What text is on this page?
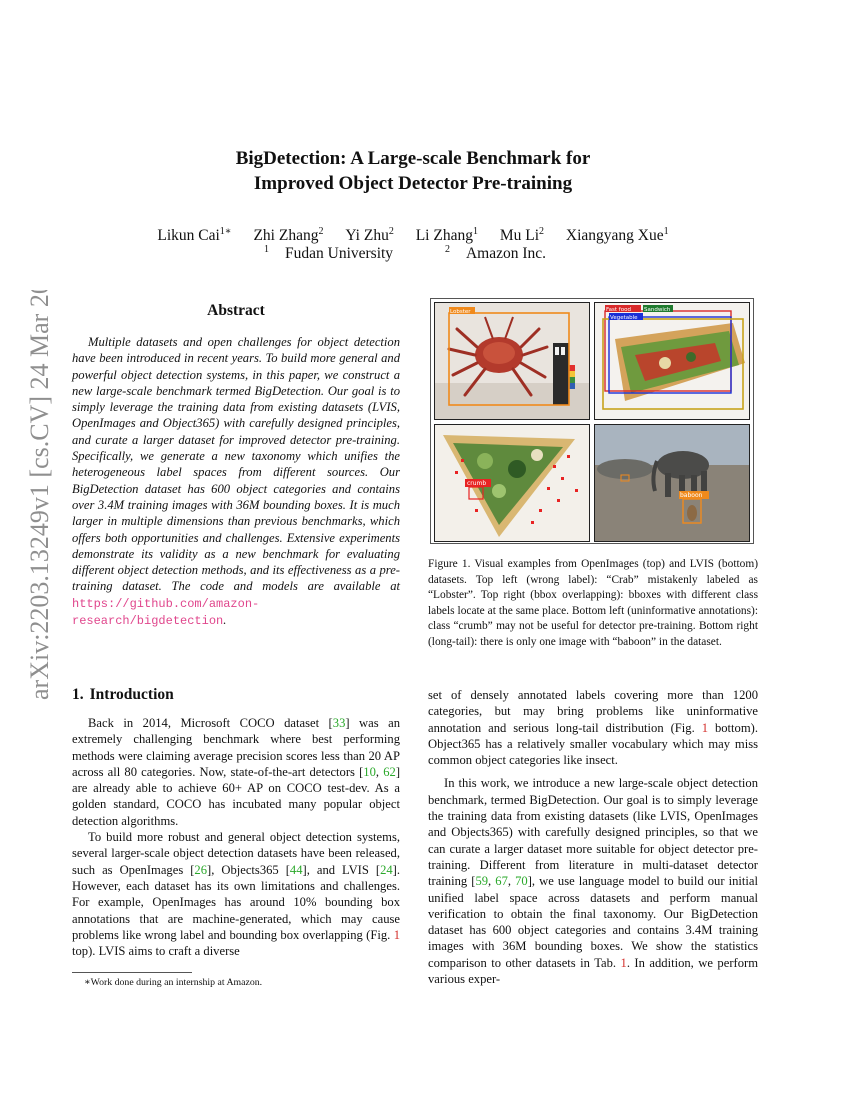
arXiv:2203.13249v1 [cs.CV] 24 Mar 2022
BigDetection: A Large-scale Benchmark for
Improved Object Detector Pre-training
Likun Cai$^{1∗}$ Zhi Zhang$^2$ Yi Zhu$^2$ Li Zhang$^1$ Mu Li$^2$ Xiangyang Xue$^1$
$^1$ Fudan University	$^2$ Amazon Inc.
Abstract

Multiple datasets and open challenges for object detection have been introduced in recent years. To build more general and powerful object detection systems, in this paper, we construct a new large-scale benchmark termed BigDetection. Our goal is to simply leverage the training data from existing datasets (LVIS, OpenImages and Object365) with carefully designed principles, and curate a larger dataset for improved detector pre-training. Specifically, we generate a new taxonomy which unifies the heterogeneous label spaces from different sources. Our BigDetection dataset has 600 object categories and contains over 3.4M training images with 36M bounding boxes. It is much larger in multiple dimensions than previous benchmarks, which offers both opportunities and challenges. Extensive experiments demonstrate its validity as a new benchmark for evaluating different object detection methods, and its effectiveness as a pre-training dataset. The code and models are available at https://github.com/amazon-research/bigdetection.

1. Introduction

Back in 2014, Microsoft COCO dataset [33] was an extremely challenging benchmark where best performing methods were claiming average precision scores less than 20 AP across all 80 categories. Now, state-of-the-art detectors [10, 62] are already able to achieve 60+ AP on COCO test-dev. As a golden standard, COCO has incubated many popular object detection algorithms.

To build more robust and general object detection systems, several larger-scale object detection datasets have been released, such as OpenImages [26], Objects365 [44], and LVIS [24]. However, each dataset has its own limitations and challenges. For example, OpenImages has around 10% bounding box annotations that are machine-generated, which may cause problems like wrong label and bounding box overlapping (Fig. 1 top). LVIS aims to craft a diverse

∗Work done during an internship at Amazon.
Lobster	Fast food Sandwich
Vegetable
crumb
baboon

Figure 1. Visual examples from OpenImages (top) and LVIS (bottom) datasets. Top left (wrong label): “Crab” mistakenly labeled as “Lobster”. Top right (bbox overlapping): bboxes with different class labels locate at the same place. Bottom left (uninformative annotations): class “crumb” may not be useful for detector pre-training. Bottom right (long-tail): there is only one image with “baboon” in the dataset.

set of densely annotated labels covering more than 1200 categories, but may bring problems like uninformative annotation and serious long-tail distribution (Fig. 1 bottom). Object365 has a relatively smaller vocabulary which may miss common object categories like insect.

In this work, we introduce a new large-scale object detection benchmark, termed BigDetection. Our goal is to simply leverage the training data from existing datasets (like LVIS, OpenImages and Objects365) with carefully designed principles, so that we can curate a larger dataset more suitable for object detector pre-training. Different from literature in multi-dataset detector training [59, 67, 70], we use language model to build our initial unified label space across datasets and perform manual verification to obtain the final taxonomy. Our BigDetection dataset has 600 object categories and contains 3.4M training images with 36M bounding boxes. We show the statistics comparison to other datasets in Tab. 1. In addition, we perform various exper-
